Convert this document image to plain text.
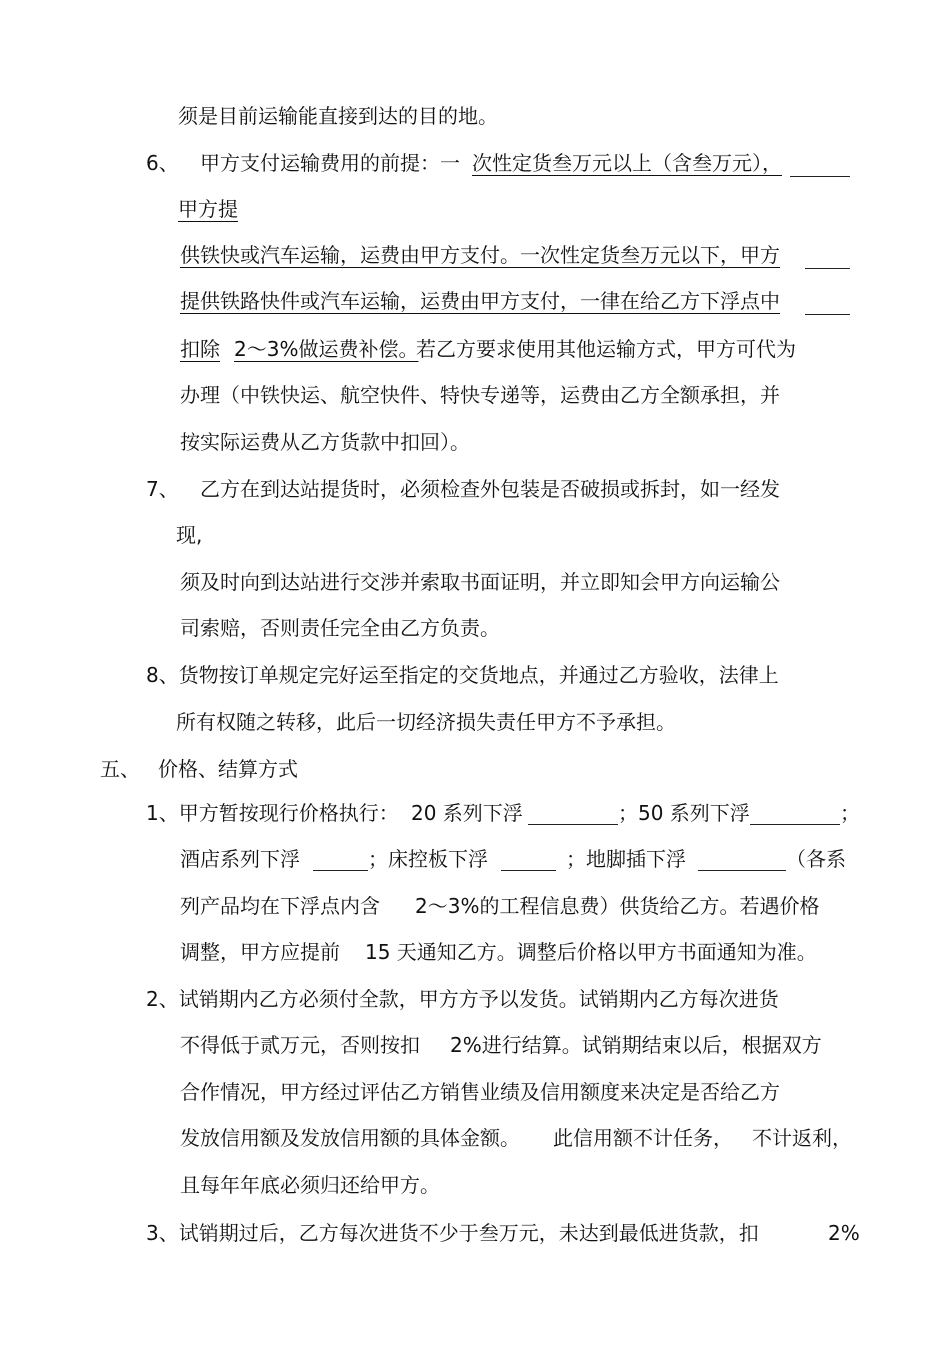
须是目前运输能直接到达的目的地。
6、 甲方支付运输费用的前提：一 次性定货叁万元以上（含叁万元），
甲方提
供铁快或汽车运输，运费由甲方支付。一次性定货叁万元以下，甲方
提供铁路快件或汽车运输，运费由甲方支付，一律在给乙方下浮点中
扣除 2～3%做运费补偿。
若乙方要求使用其他运输方式，甲方可代为
办理（中铁快运、航空快件、特快专递等，运费由乙方全额承担，并
按实际运费从乙方货款中扣回）。
7、 乙方在到达站提货时，必须检查外包装是否破损或拆封，如一经发
现,
须及时向到达站进行交涉并索取书面证明，并立即知会甲方向运输公
司索赔，否则责任完全由乙方负责。
8、货物按订单规定完好运至指定的交货地点，并通过乙方验收，法律上
所有权随之转移，此后一切经济损失责任甲方不予承担。
五、 价格、结算方式
1、甲方暂按现行价格执行： 20 系列下浮	；50 系列下浮	；
酒店系列下浮	；床控板下浮	；地脚插下浮	（各系
列产品均在下浮点内含 2～3%的工程信息费）供货给乙方。若遇价格
调整，甲方应提前 15 天通知乙方。调整后价格以甲方书面通知为准。
2、试销期内乙方必须付全款，甲方方予以发货。试销期内乙方每次进货
不得低于贰万元，否则按扣 2%进行结算。试销期结束以后，根据双方
合作情况，甲方经过评估乙方销售业绩及信用额度来决定是否给乙方
发放信用额及发放信用额的具体金额。 此信用额不计任务， 不计返利，
且每年年底必须归还给甲方。
3、试销期过后，乙方每次进货不少于叁万元，未达到最低进货款，扣	2%
